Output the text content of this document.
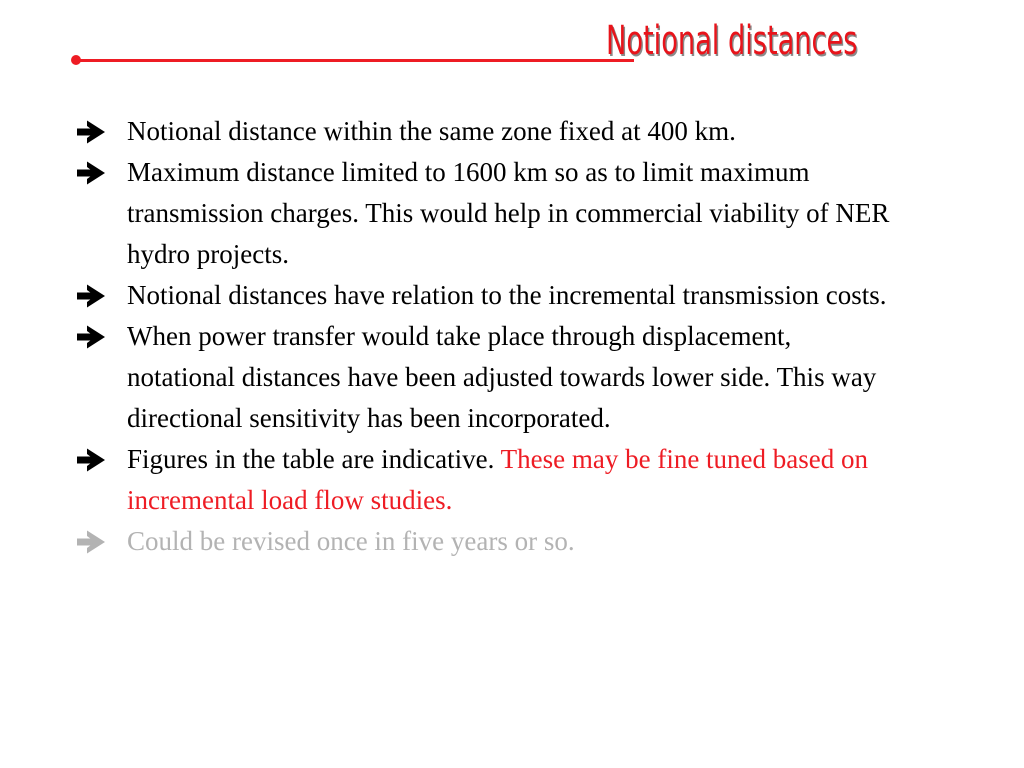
Notional distances
Notional distance within the same zone fixed at 400 km.
Maximum distance limited to 1600 km so as to limit maximum transmission charges. This would help in commercial viability of NER hydro projects.
Notional distances have relation to the incremental transmission costs.
When power transfer would take place through displacement, notational distances have been adjusted towards lower side. This way directional sensitivity has been incorporated.
Figures in the table are indicative. These may be fine tuned based on incremental load flow studies.
Could be revised once in five years or so.
